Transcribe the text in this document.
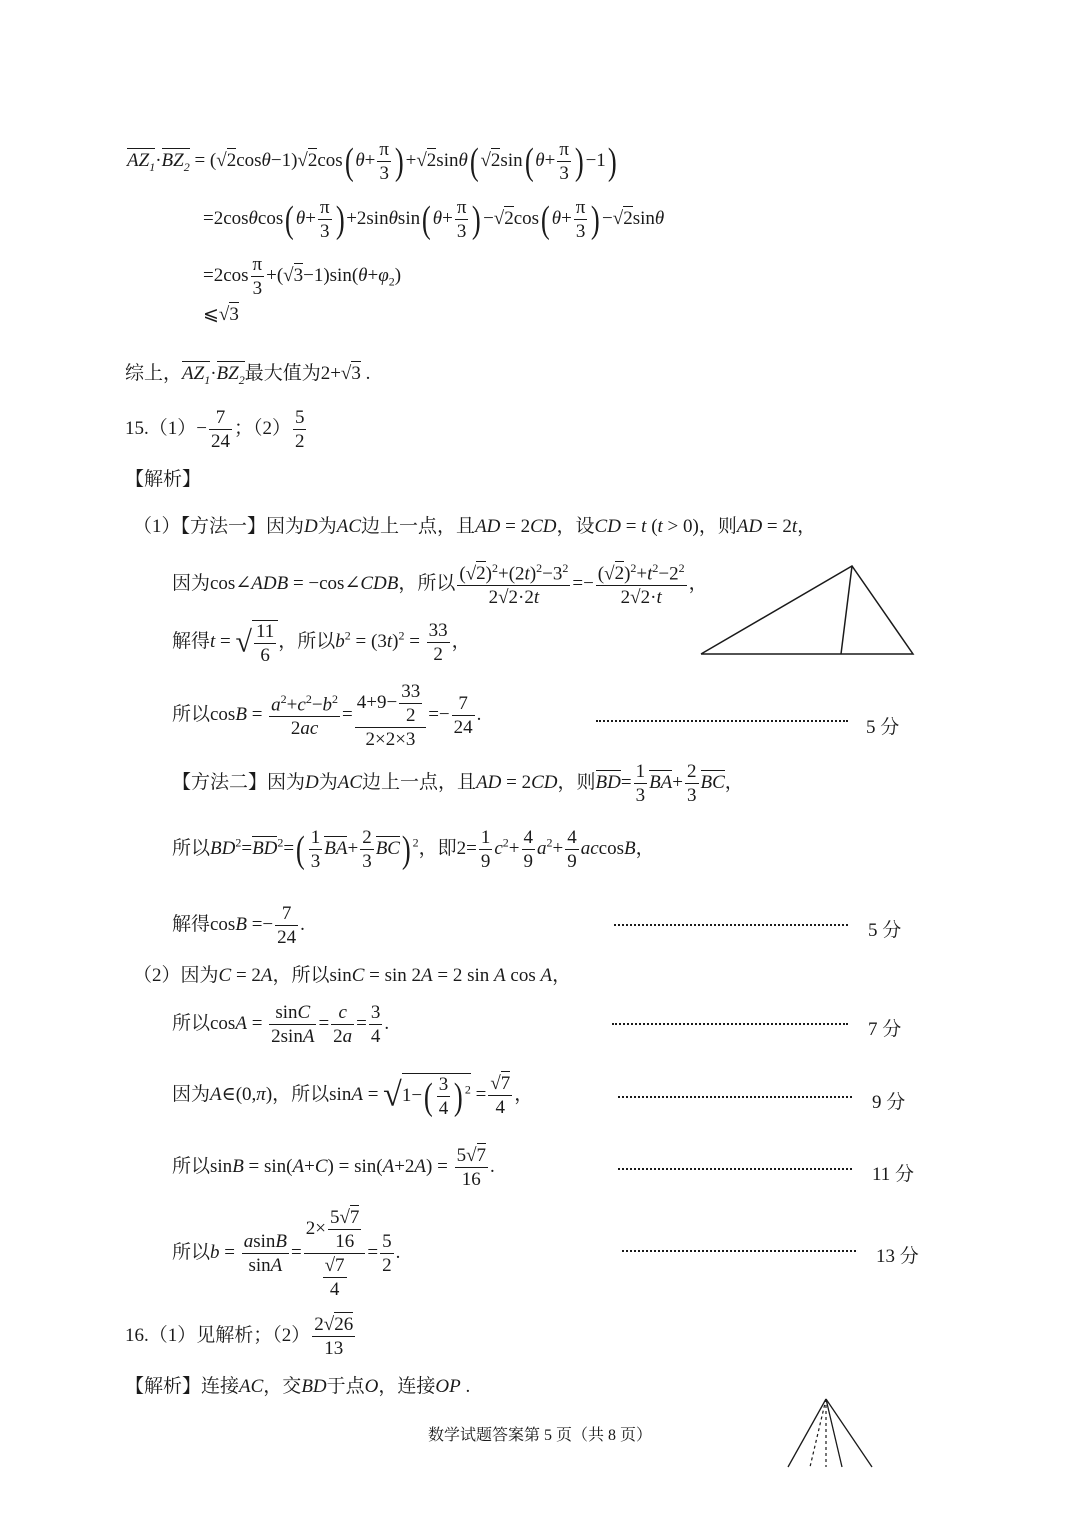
$AZ_1\cdot BZ_2 = (√2\cos\theta-1)√2\cos(\theta+ \frac{\pi}{3} )+√2\sin\theta(√2\sin(\theta+ \frac{\pi}{3} )-1)$
$=2\cos\theta\cos(\theta+ \frac{\pi}{3} )+2\sin\theta\sin(\theta+ \frac{\pi}{3} )-√2\cos(\theta+ \frac{\pi}{3} )-√2\sin\theta$
$=2\cos \frac{\pi}{3} +(√3-1)\sin(\theta+\varphi_2)$
⩽√3
综上，$AZ_1\cdot BZ_2$最大值为2+√3 .
$15.(1)- \frac{7}{24}$ ；$(2) \frac{5}{2}$
【解析】
（1）【方法一】因为D为AC边上一点，且AD = 2CD，设CD = t (t > 0)，则AD = 2t，
因为cos∠ADB = −cos∠CDB，所以 $\frac{(√2)^2+(2t)^2-3^2}{2√2\cdot 2t} =- \frac{(√2)^2+t^2-2^2}{2√2\cdot t}$ ，
解得t = √ $\frac{11}{6}$ ，所以$b^2 = (3t)^2 = \frac{33}{2}$ ，
所以$\cos B = \frac{a^2+c^2-b^2}{2ac} = \frac{4+9- \frac{33}{2}}{2\times 2\times 3} =- \frac{7}{24}$ .
5 分
【方法二】因为D为AC边上一点，且AD = 2CD，则$BD= \frac{1}{3} BA+ \frac{2}{3}$ BC，
所以$BD^2=BD^2=( \frac{1}{3} BA+ \frac{2}{3} BC)$ $^2$，即$2= \frac{1}{9} c^2+ \frac{4}{9} a^2+ \frac{4}{9}$ accosB，
解得$\cos B =- \frac{7}{24}$ .	5 分
（2）因为C = 2A，所以sinC = sin 2A = 2 sin A cos A，
所以$\cos A = \frac{\sin C}{2\sin A} = \frac{c}{2a} = \frac{3}{4}$ .	7 分
因为A∈(0,π)，所以$\sin A = √1-( \frac{3}{4}$ ) $^2 = \frac{√7}{4}$ ，	9 分
所以$\sin B = \sin(A+C) = \sin(A+2A) = \frac{5√7}{16}$ .	11 分
所以$b = \frac{asinB}{\sin A} = \frac{2\times \frac{5√7}{16}}{\frac{√7}{4}} = \frac{5}{2}$ .	13 分
16.（1）见解析；$(2) \frac{2√26}{13}$
【解析】连接AC，交BD于点O，连接OP .
数学试题答案第 5 页（共 8 页）
